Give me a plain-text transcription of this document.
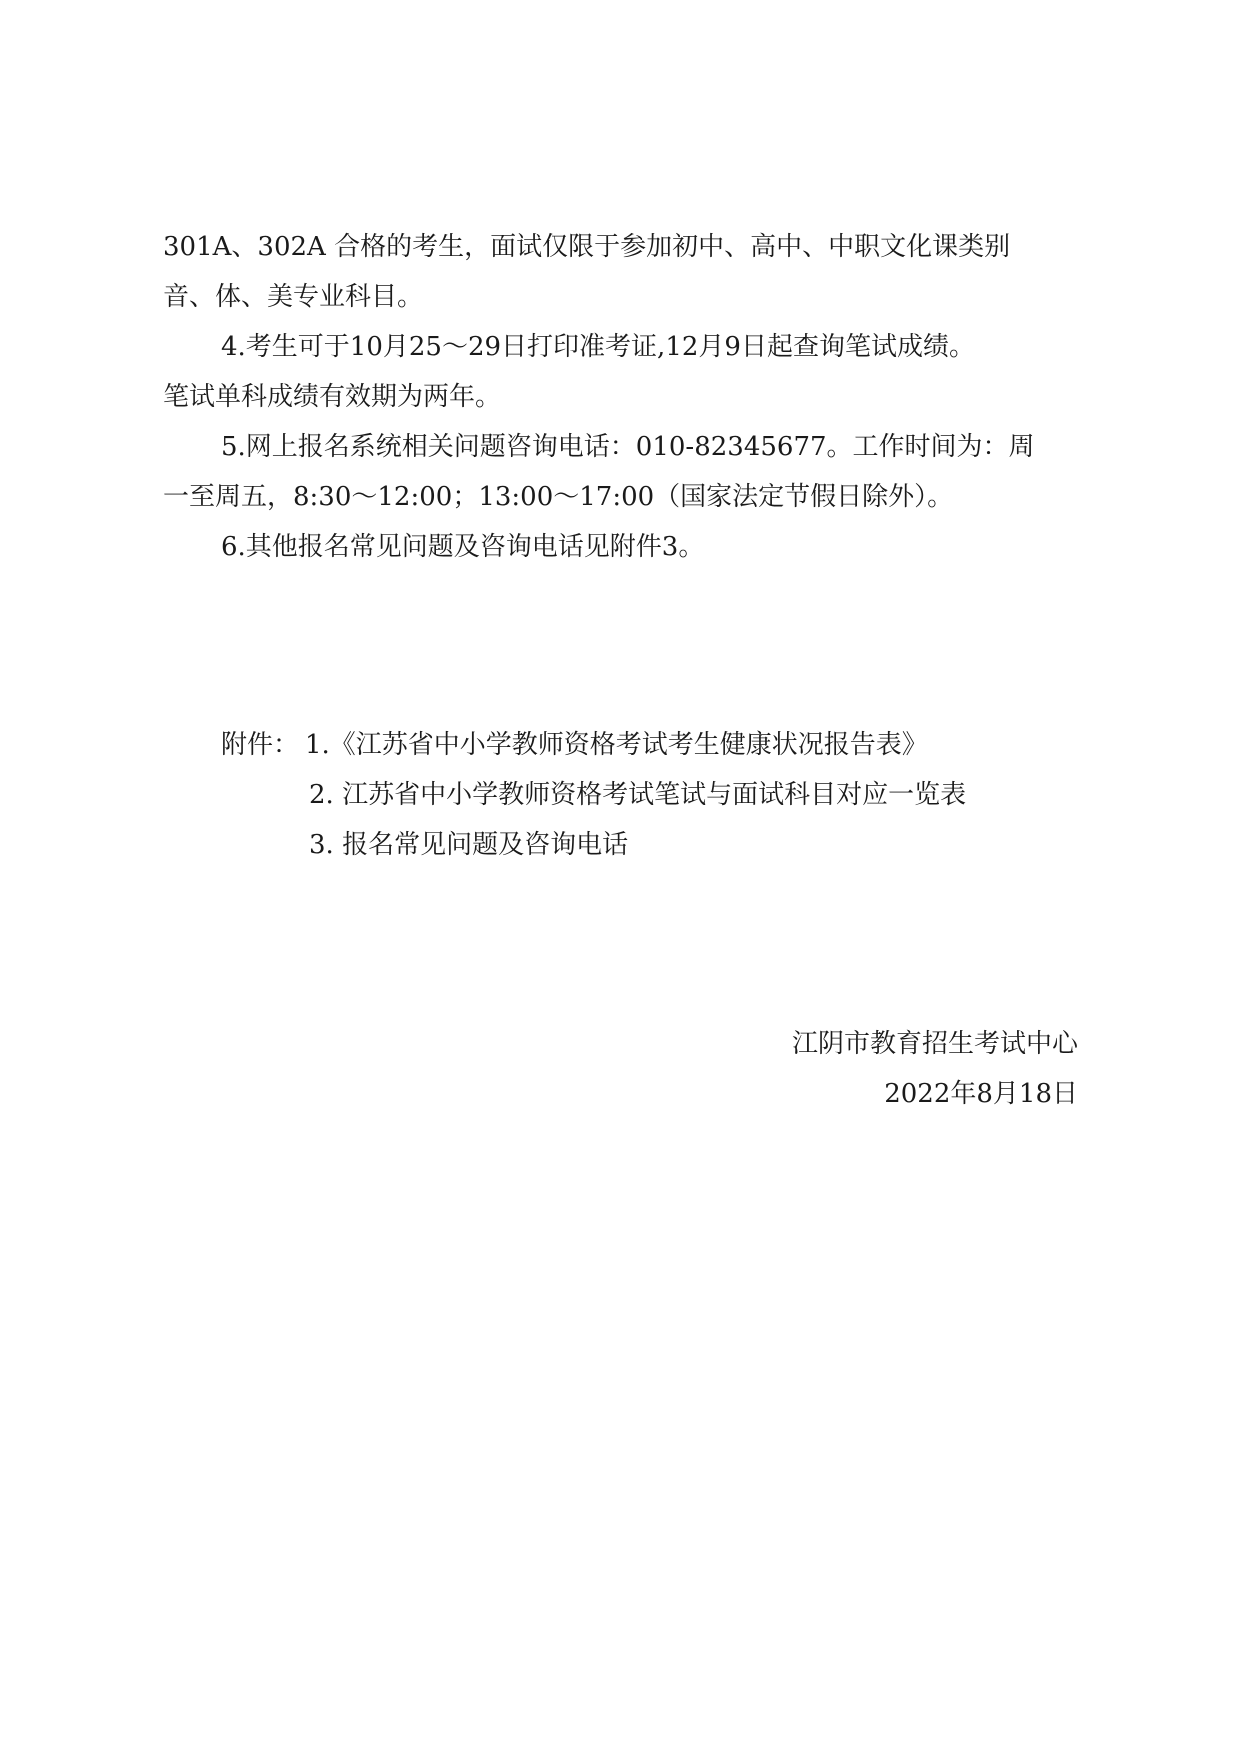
301A、302A 合格的考生，面试仅限于参加初中、高中、中职文化课类别

音、体、美专业科目。

4.考生可于10月25～29日打印准考证,12月9日起查询笔试成绩。

笔试单科成绩有效期为两年。

5.网上报名系统相关问题咨询电话：010-82345677。工作时间为：周

一至周五，8:30～12:00；13:00～17:00（国家法定节假日除外）。

6.其他报名常见问题及咨询电话见附件3。

附件： 1.《江苏省中小学教师资格考试考生健康状况报告表》

2. 江苏省中小学教师资格考试笔试与面试科目对应一览表

3. 报名常见问题及咨询电话

江阴市教育招生考试中心

2022年8月18日
